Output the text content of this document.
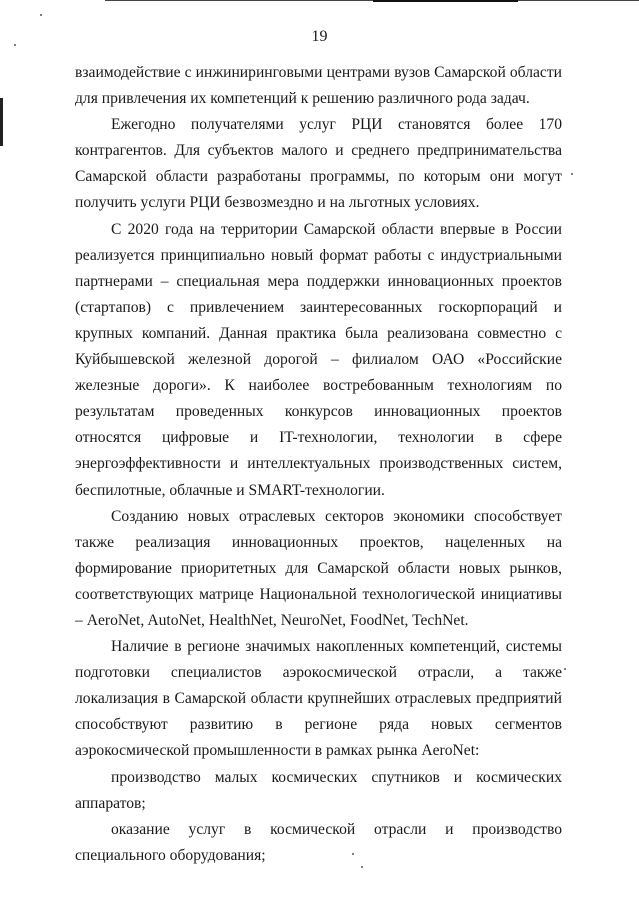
19

взаимодействие с инжиниринговыми центрами вузов Самарской области для привлечения их компетенций к решению различного рода задач.

Ежегодно получателями услуг РЦИ становятся более 170 контрагентов. Для субъектов малого и среднего предпринимательства Самарской области разработаны программы, по которым они могут получить услуги РЦИ безвозмездно и на льготных условиях.

С 2020 года на территории Самарской области впервые в России реализуется принципиально новый формат работы с индустриальными партнерами – специальная мера поддержки инновационных проектов (стартапов) с привлечением заинтересованных госкорпораций и крупных компаний. Данная практика была реализована совместно с Куйбышевской железной дорогой – филиалом ОАО «Российские железные дороги». К наиболее востребованным технологиям по результатам проведенных конкурсов инновационных проектов относятся цифровые и IT-технологии, технологии в сфере энергоэффективности и интеллектуальных производственных систем, беспилотные, облачные и SMART-технологии.

Созданию новых отраслевых секторов экономики способствует также реализация инновационных проектов, нацеленных на формирование приоритетных для Самарской области новых рынков, соответствующих матрице Национальной технологической инициативы – AeroNet, AutoNet, HealthNet, NeuroNet, FoodNet, TechNet.

Наличие в регионе значимых накопленных компетенций, системы подготовки специалистов аэрокосмической отрасли, а также локализация в Самарской области крупнейших отраслевых предприятий способствуют развитию в регионе ряда новых сегментов аэрокосмической промышленности в рамках рынка AeroNet:

производство малых космических спутников и космических аппаратов;

оказание услуг в космической отрасли и производство специального оборудования;
